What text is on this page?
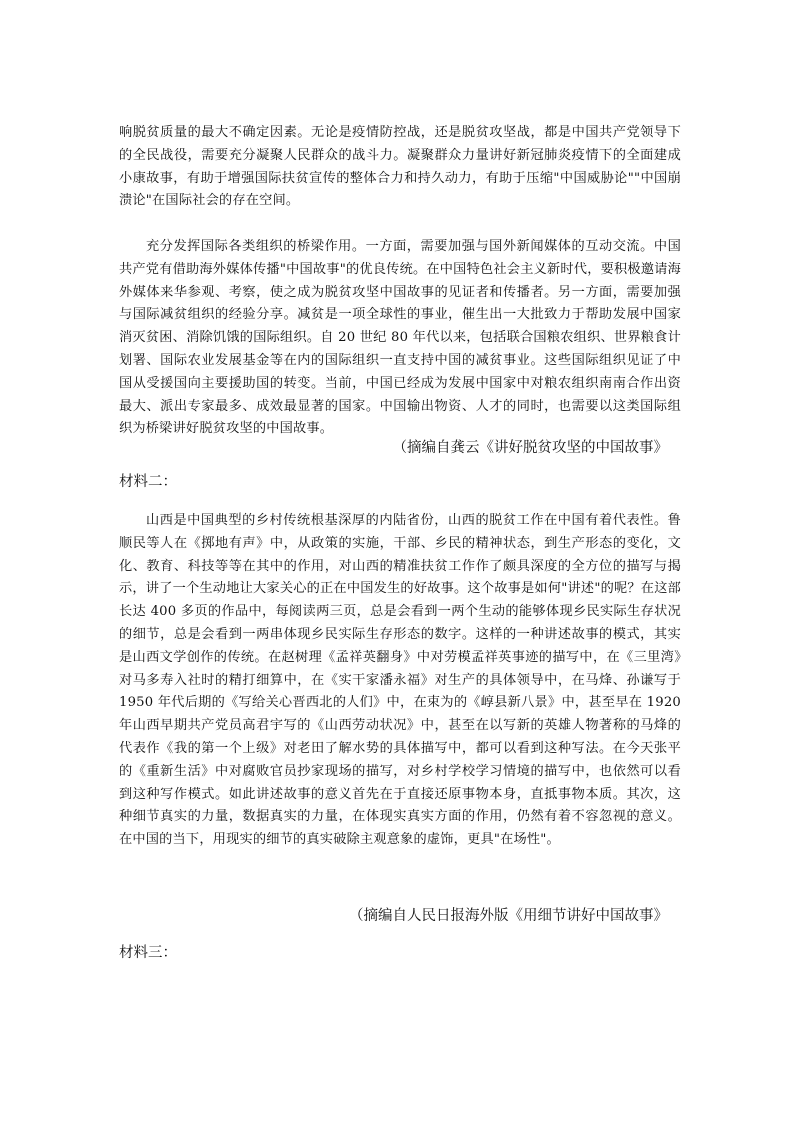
响脱贫质量的最大不确定因素。无论是疫情防控战，还是脱贫攻坚战，都是中国共产党领导下的全民战役，需要充分凝聚人民群众的战斗力。凝聚群众力量讲好新冠肺炎疫情下的全面建成小康故事，有助于增强国际扶贫宣传的整体合力和持久动力，有助于压缩"中国威胁论""中国崩溃论"在国际社会的存在空间。

充分发挥国际各类组织的桥梁作用。一方面，需要加强与国外新闻媒体的互动交流。中国共产党有借助海外媒体传播"中国故事"的优良传统。在中国特色社会主义新时代，要积极邀请海外媒体来华参观、考察，使之成为脱贫攻坚中国故事的见证者和传播者。另一方面，需要加强与国际减贫组织的经验分享。减贫是一项全球性的事业，催生出一大批致力于帮助发展中国家消灭贫困、消除饥饿的国际组织。自 20 世纪 80 年代以来，包括联合国粮农组织、世界粮食计划署、国际农业发展基金等在内的国际组织一直支持中国的减贫事业。这些国际组织见证了中国从受援国向主要援助国的转变。当前，中国已经成为发展中国家中对粮农组织南南合作出资最大、派出专家最多、成效最显著的国家。中国输出物资、人才的同时，也需要以这类国际组织为桥梁讲好脱贫攻坚的中国故事。

（摘编自龚云《讲好脱贫攻坚的中国故事》

材料二：

山西是中国典型的乡村传统根基深厚的内陆省份，山西的脱贫工作在中国有着代表性。鲁顺民等人在《掷地有声》中，从政策的实施，干部、乡民的精神状态，到生产形态的变化，文化、教育、科技等等在其中的作用，对山西的精准扶贫工作作了颇具深度的全方位的描写与揭示，讲了一个生动地让大家关心的正在中国发生的好故事。这个故事是如何"讲述"的呢？在这部长达 400 多页的作品中，每阅读两三页，总是会看到一两个生动的能够体现乡民实际生存状况的细节，总是会看到一两串体现乡民实际生存形态的数字。这样的一种讲述故事的模式，其实是山西文学创作的传统。在赵树理《孟祥英翻身》中对劳模孟祥英事迹的描写中，在《三里湾》对马多寿入社时的精打细算中，在《实干家潘永福》对生产的具体领导中，在马烽、孙谦写于 1950 年代后期的《写给关心晋西北的人们》中，在束为的《崞县新八景》中，甚至早在 1920 年山西早期共产党员高君宇写的《山西劳动状况》中，甚至在以写新的英雄人物著称的马烽的代表作《我的第一个上级》对老田了解水势的具体描写中，都可以看到这种写法。在今天张平的《重新生活》中对腐败官员抄家现场的描写，对乡村学校学习情境的描写中，也依然可以看到这种写作模式。如此讲述故事的意义首先在于直接还原事物本身，直抵事物本质。其次，这种细节真实的力量，数据真实的力量，在体现实真实方面的作用，仍然有着不容忽视的意义。在中国的当下，用现实的细节的真实破除主观意象的虚饰，更具"在场性"。

（摘编自人民日报海外版《用细节讲好中国故事》

材料三：
